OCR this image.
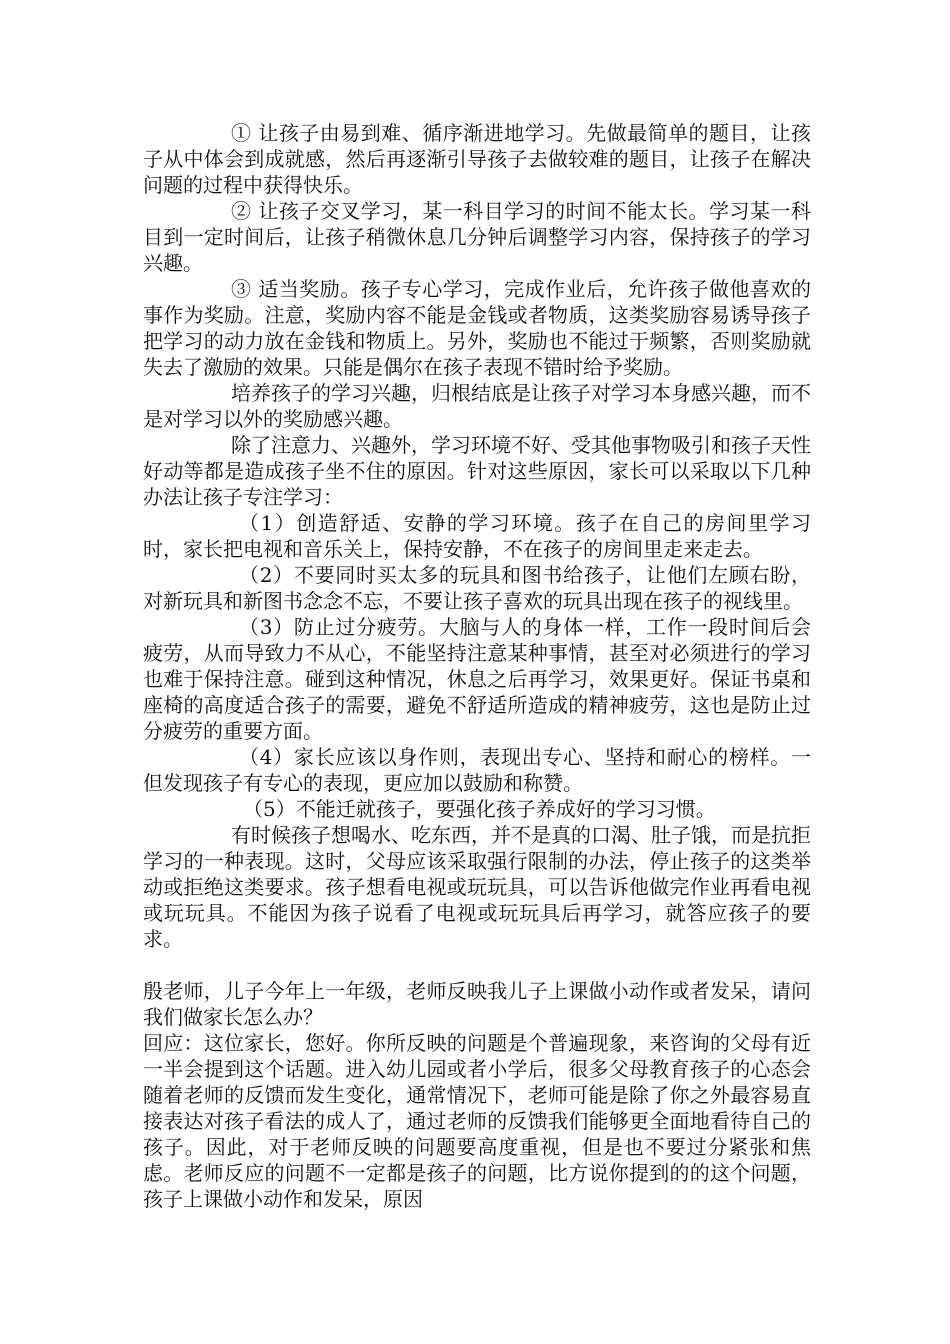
① 让孩子由易到难、循序渐进地学习。先做最简单的题目，让孩子从中体会到成就感，然后再逐渐引导孩子去做较难的题目，让孩子在解决问题的过程中获得快乐。

② 让孩子交叉学习，某一科目学习的时间不能太长。学习某一科目到一定时间后，让孩子稍微休息几分钟后调整学习内容，保持孩子的学习兴趣。

③ 适当奖励。孩子专心学习，完成作业后，允许孩子做他喜欢的事作为奖励。注意，奖励内容不能是金钱或者物质，这类奖励容易诱导孩子把学习的动力放在金钱和物质上。另外，奖励也不能过于频繁，否则奖励就失去了激励的效果。只能是偶尔在孩子表现不错时给予奖励。

培养孩子的学习兴趣，归根结底是让孩子对学习本身感兴趣，而不是对学习以外的奖励感兴趣。

除了注意力、兴趣外，学习环境不好、受其他事物吸引和孩子天性好动等都是造成孩子坐不住的原因。针对这些原因，家长可以采取以下几种办法让孩子专注学习：

（1）创造舒适、安静的学习环境。孩子在自己的房间里学习时，家长把电视和音乐关上，保持安静，不在孩子的房间里走来走去。

（2）不要同时买太多的玩具和图书给孩子，让他们左顾右盼，对新玩具和新图书念念不忘，不要让孩子喜欢的玩具出现在孩子的视线里。

（3）防止过分疲劳。大脑与人的身体一样，工作一段时间后会疲劳，从而导致力不从心，不能坚持注意某种事情，甚至对必须进行的学习也难于保持注意。碰到这种情况，休息之后再学习，效果更好。保证书桌和座椅的高度适合孩子的需要，避免不舒适所造成的精神疲劳，这也是防止过分疲劳的重要方面。

（4）家长应该以身作则，表现出专心、坚持和耐心的榜样。一但发现孩子有专心的表现，更应加以鼓励和称赞。

（5）不能迁就孩子，要强化孩子养成好的学习习惯。

有时候孩子想喝水、吃东西，并不是真的口渴、肚子饿，而是抗拒学习的一种表现。这时，父母应该采取强行限制的办法，停止孩子的这类举动或拒绝这类要求。孩子想看电视或玩玩具，可以告诉他做完作业再看电视或玩玩具。不能因为孩子说看了电视或玩玩具后再学习，就答应孩子的要求。

殷老师，儿子今年上一年级，老师反映我儿子上课做小动作或者发呆，请问我们做家长怎么办？

回应：这位家长，您好。你所反映的问题是个普遍现象，来咨询的父母有近一半会提到这个话题。进入幼儿园或者小学后，很多父母教育孩子的心态会随着老师的反馈而发生变化，通常情况下，老师可能是除了你之外最容易直接表达对孩子看法的成人了，通过老师的反馈我们能够更全面地看待自己的孩子。因此，对于老师反映的问题要高度重视，但是也不要过分紧张和焦虑。老师反应的问题不一定都是孩子的问题，比方说你提到的的这个问题，孩子上课做小动作和发呆，原因
